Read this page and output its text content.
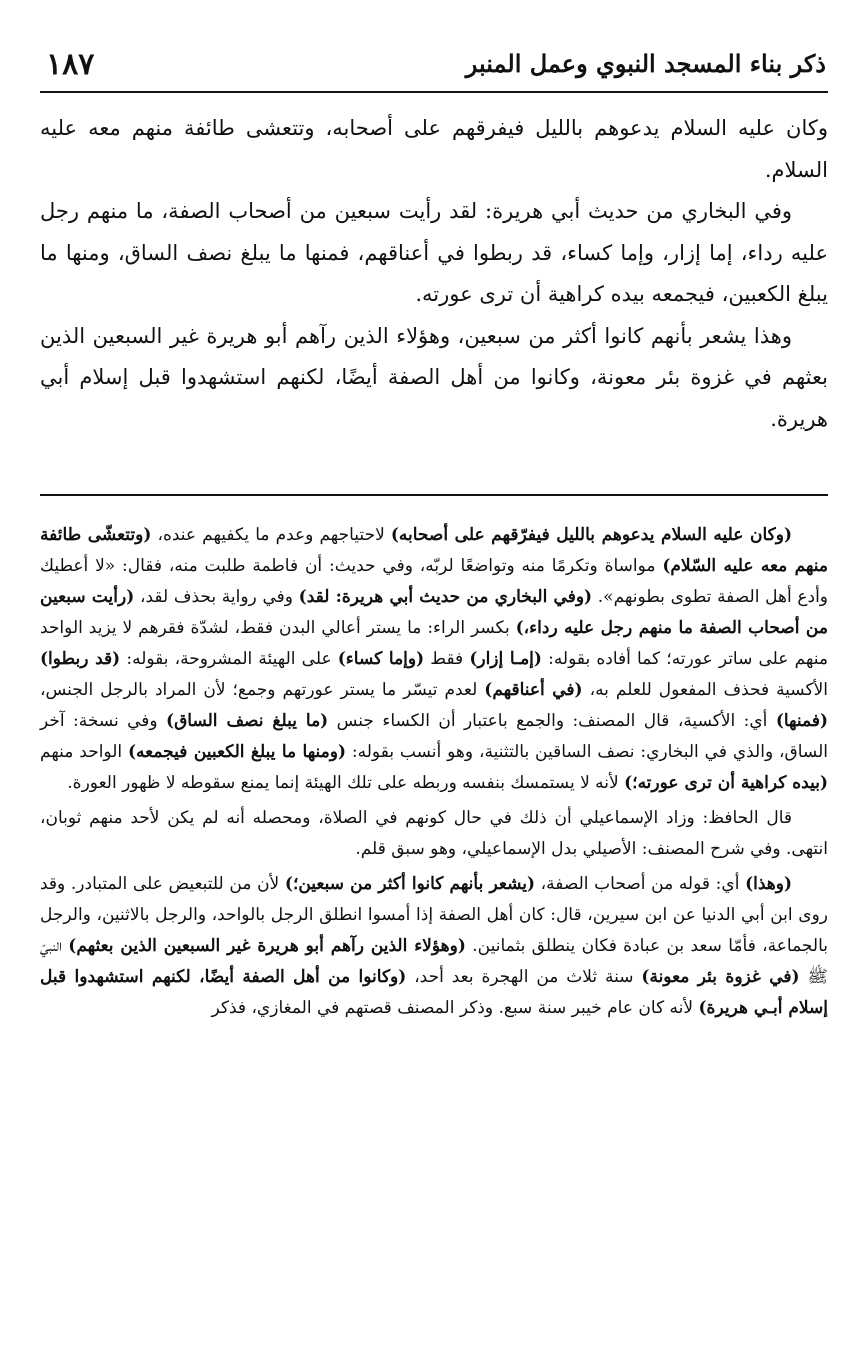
١٨٧	ذكر بناء المسجد النبوي وعمل المنبر

وكان عليه السلام يدعوهم بالليل فيفرقهم على أصحابه، وتتعشى طائفة منهم معه عليه السلام.

وفي البخاري من حديث أبي هريرة: لقد رأيت سبعين من أصحاب الصفة، ما منهم رجل عليه رداء، إما إزار، وإما كساء، قد ربطوا في أعناقهم، فمنها ما يبلغ نصف الساق، ومنها ما يبلغ الكعبين، فيجمعه بيده كراهية أن ترى عورته.

وهذا يشعر بأنهم كانوا أكثر من سبعين، وهؤلاء الذين رآهم أبو هريرة غير السبعين الذين بعثهم في غزوة بئر معونة، وكانوا من أهل الصفة أيضًا، لكنهم استشهدوا قبل إسلام أبي هريرة.

(وكان عليه السلام يدعوهم بالليل فيفرّقهم على أصحابه) لاحتياجهم وعدم ما يكفيهم عنده، (وتتعشّى طائفة منهم معه عليه السّلام) مواساة وتكرمًا منه وتواضعًا لربّه، وفي حديث: أن فاطمة طلبت منه، فقال: «لا أعطيك وأدع أهل الصفة تطوى بطونهم». (وفي البخاري من حديث أبي هريرة: لقد) وفي رواية بحذف لقد، (رأيت سبعين من أصحاب الصفة ما منهم رجل عليه رداء،) بكسر الراء: ما يستر أعالي البدن فقط، لشدّة فقرهم لا يزيد الواحد منهم على ساتر عورته؛ كما أفاده بقوله: (إمـا إزار) فقط (وإما كساء) على الهيئة المشروحة، بقوله: (قد ربطوا) الأكسية فحذف المفعول للعلم به، (في أعناقهم) لعدم تيسّر ما يستر عورتهم وجمع؛ لأن المراد بالرجل الجنس، (فمنها) أي: الأكسية، قال المصنف: والجمع باعتبار أن الكساء جنس (ما يبلغ نصف الساق) وفي نسخة: آخر الساق، والذي في البخاري: نصف الساقين بالتثنية، وهو أنسب بقوله: (ومنها ما يبلغ الكعبين فيجمعه) الواحد منهم (بيده كراهية أن ترى عورته؛) لأنه لا يستمسك بنفسه وربطه على تلك الهيئة إنما يمنع سقوطه لا ظهور العورة.

قال الحافظ: وزاد الإسماعيلي أن ذلك في حال كونهم في الصلاة، ومحصله أنه لم يكن لأحد منهم ثوبان، انتهى. وفي شرح المصنف: الأصيلي بدل الإسماعيلي، وهو سبق قلم.

(وهذا) أي: قوله من أصحاب الصفة، (يشعر بأنهم كانوا أكثر من سبعين؛) لأن من للتبعيض على المتبادر. وقد روى ابن أبي الدنيا عن ابن سيرين، قال: كان أهل الصفة إذا أمسوا انطلق الرجل بالواحد، والرجل بالاثنين، والرجل بالجماعة، فأمّا سعد بن عبادة فكان ينطلق بثمانين. (وهؤلاء الذين رآهم أبو هريرة غير السبعين الذين بعثهم) النبيّ ﷺ (في غزوة بئر معونة) سنة ثلاث من الهجرة بعد أحد، (وكانوا من أهل الصفة أيضًا، لكنهم استشهدوا قبل إسلام أبـي هريرة) لأنه كان عام خيبر سنة سبع. وذكر المصنف قصتهم في المغازي، فذكر
